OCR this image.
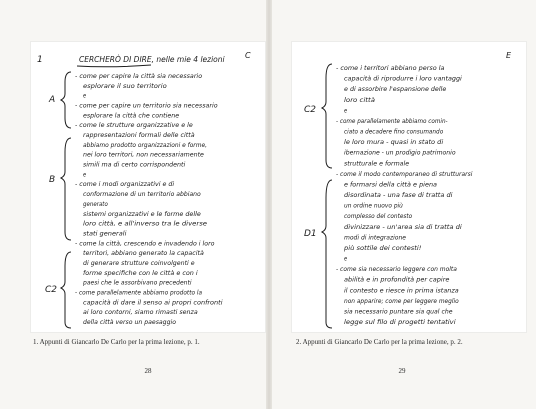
1	CERCHERÒ DI DIRE, nelle mie 4 lezioni	C
A
B
C2
- come per capire la città sia necessario
esplorare il suo territorio
e
- come per capire un territorio sia necessario
esplorare la città che contiene
- come le strutture organizzative e le
rappresentazioni formali delle città
abbiamo prodotto organizzazioni e forme,
nei loro territori, non necessariamente
simili ma di certo corrispondenti
e
- come i modi organizzativi e di
conformazione di un territorio abbiano
generato
sistemi organizzativi e le forme delle
loro città, e all'inverso tra le diverse
stati generali
- come la città, crescendo e invadendo i loro
territori, abbiano generato la capacità
di generare strutture coinvolgenti e
forme specifiche con le città e con i
paesi che le assorbivano precedenti
- come parallelamente abbiamo prodotto la
capacità di dare il senso ai propri confronti
ai loro contorni, siamo rimasti senza
della città verso un paesaggio
1. Appunti di Giancarlo De Carlo per la prima lezione, p. 1.
28
E
C2
D1
- come i territori abbiano perso la
capacità di riprodurre i loro vantaggi
e di assorbire l'espansione delle
loro città
e
- come parallelamente abbiamo comin-
ciato a decadere fino consumando
le loro mura - quasi in stato di
ibernazione - un prodigio patrimonio
strutturale e formale
- come il modo contemporaneo di strutturarsi
e formarsi della città e piena
disordinata - una fase di tratta di
un ordine nuovo più
complesso del contesto
divinizzare - un'area sia di tratta di
modi di integrazione
più sottile dei contesti!
e
- come sia necessario leggere con molta
abilità e in profondità per capire
il contesto e riesce in prima istanza
non apparire; come per leggere meglio
sia necessario puntare sia qual che
legge sul filo di progetti tentativi
2. Appunti di Giancarlo De Carlo per la prima lezione, p. 2.
29
